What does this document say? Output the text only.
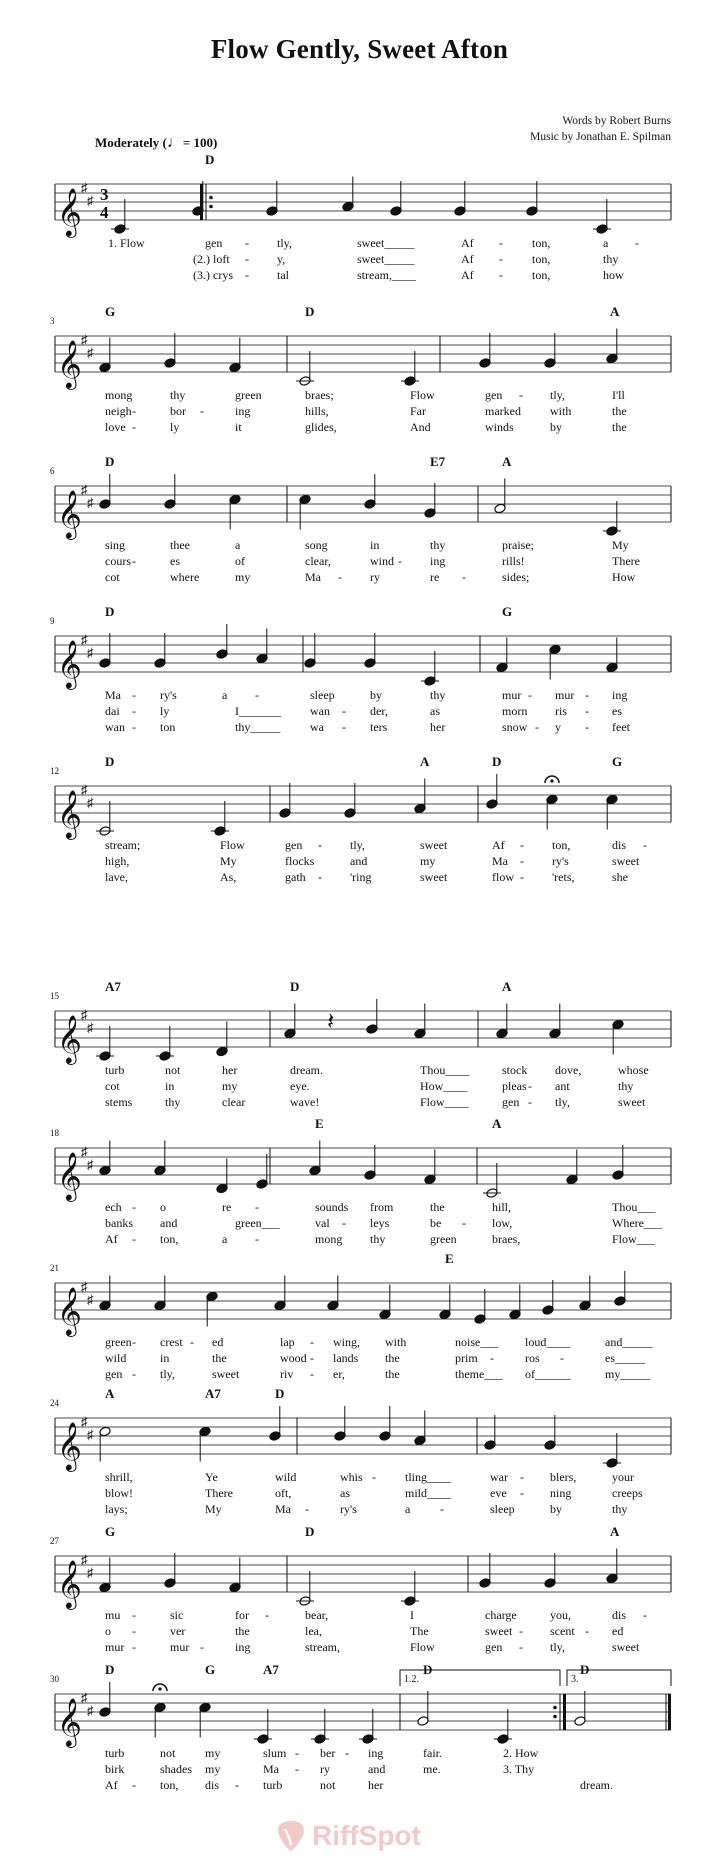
Flow Gently, Sweet Afton
Words by Robert Burns
Music by Jonathan E. Spilman
Moderately (♩= 100)
𝄞
♯
♯ 3
4
D
1. Flow	gen - tly,	sweet_____	Af - ton,	a -
(2.) loft - y,	sweet_____	Af - ton,	thy
(3.) crys - tal	stream,____	Af - ton,	how
𝄞
♯
♯
3
G	D	A
mong	thy	green	braes;	Flow	gen - tly,	I'll
neigh -	bor -	ing	hills,	Far	marked with	the
love -	ly	it	glides,	And	winds	by	the
𝄞
♯
♯
6
D	E7	A
sing	thee	a	song	in	thy	praise;	My
cours -	es	of	clear,	wind - ing	rills!	There
cot	where	my	Ma - ry	re -	sides;	How
𝄞
♯
♯
9
D	G
Ma - ry's	a -	sleep	by	thy	mur - mur - ing
dai - ly	I_______ wan - der,	as	morn ris - es
wan - ton	thy_____ wa - ters	her	snow - y - feet
𝄞
♯
♯
12
D	A	D	G
stream;	Flow	gen - tly,	sweet	Af - ton,	dis -
high,	My	flocks	and	my	Ma - ry's	sweet
lave,	As,	gath - 'ring	sweet	flow - 'rets,	she
𝄞
♯
♯
15
A7	D	A
turb	not	her	dream.	Thou____	stock dove,	whose
cot	in	my	eye.	How____	pleas - ant	thy
stems	thy	clear	wave!	Flow____	gen - tly,	sweet
𝄞
♯
♯
18
E	A
ech - o	re -	sounds from	the	hill,	Thou___
banks and	green___	val - leys	be - low,	Where___
Af - ton,	a -	mong thy	green	braes,	Flow___
𝄞
♯
♯
21
E
green - crest - ed	lap - wing, with	noise___ loud____	and_____
wild	in	the	wood - lands the	prim -	ros -	es_____
gen - tly,	sweet	riv - er,	the	theme___ of______	my_____
𝄞
♯
♯
24
A	A7	D
shrill,	Ye	wild	whis - tling____	war - blers,	your
blow!	There	oft,	as	mild____	eve - ning	creeps
lays;	My	Ma -	ry's	a -	sleep	by	thy
𝄞
♯
♯
27
G	D	A
mu -	sic	for -	bear,	I	charge	you,	dis -
o -	ver	the	lea,	The	sweet - scent - ed
mur -	mur -	ing	stream,	Flow	gen - tly,	sweet
𝄞
♯
♯
30
D	G	A7	D	D
turb	not my	slum - ber - ing	fair.	2. How
birk	shades my	Ma - ry	and	me.	3. Thy
Af - ton, dis - turb	not	her	dream.
𝄽
1.2.	3.
RiffSpot
